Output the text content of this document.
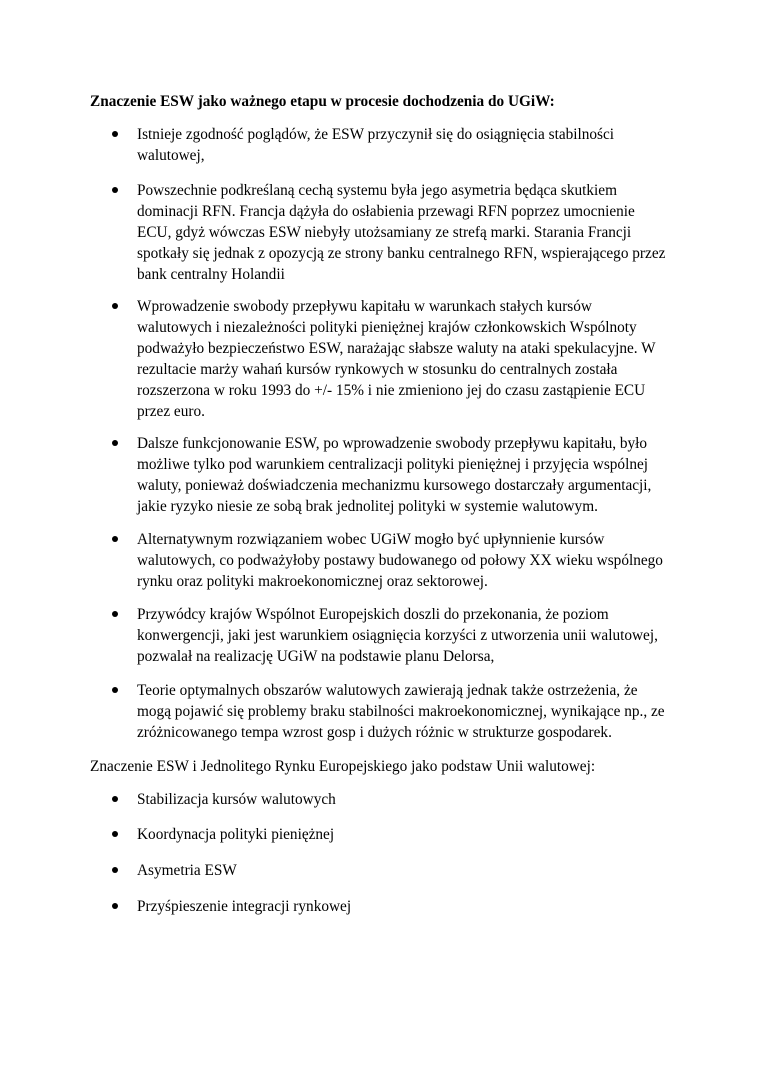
Znaczenie ESW jako ważnego etapu w procesie dochodzenia do UGiW:
Istnieje zgodność poglądów, że ESW przyczynił się do osiągnięcia stabilności
walutowej,
Powszechnie podkreślaną cechą systemu była jego asymetria będąca skutkiem
dominacji RFN. Francja dążyła do osłabienia przewagi RFN poprzez umocnienie
ECU, gdyż wówczas ESW niebyły utożsamiany ze strefą marki. Starania Francji
spotkały się jednak z opozycją ze strony banku centralnego RFN, wspierającego przez
bank centralny Holandii
Wprowadzenie swobody przepływu kapitału w warunkach stałych kursów
walutowych i niezależności polityki pieniężnej krajów członkowskich Wspólnoty
podważyło bezpieczeństwo ESW, narażając słabsze waluty na ataki spekulacyjne. W
rezultacie marży wahań kursów rynkowych w stosunku do centralnych została
rozszerzona w roku 1993 do +/- 15% i nie zmieniono jej do czasu zastąpienie ECU
przez euro.
Dalsze funkcjonowanie ESW, po wprowadzenie swobody przepływu kapitału, było
możliwe tylko pod warunkiem centralizacji polityki pieniężnej i przyjęcia wspólnej
waluty, ponieważ doświadczenia mechanizmu kursowego dostarczały argumentacji,
jakie ryzyko niesie ze sobą brak jednolitej polityki w systemie walutowym.
Alternatywnym rozwiązaniem wobec UGiW mogło być upłynnienie kursów
walutowych, co podważyłoby postawy budowanego od połowy XX wieku wspólnego
rynku oraz polityki makroekonomicznej oraz sektorowej.
Przywódcy krajów Wspólnot Europejskich doszli do przekonania, że poziom
konwergencji, jaki jest warunkiem osiągnięcia korzyści z utworzenia unii walutowej,
pozwalał na realizację UGiW na podstawie planu Delorsa,
Teorie optymalnych obszarów walutowych zawierają jednak także ostrzeżenia, że
mogą pojawić się problemy braku stabilności makroekonomicznej, wynikające np., ze
zróżnicowanego tempa wzrost gosp i dużych różnic w strukturze gospodarek.
Znaczenie ESW i Jednolitego Rynku Europejskiego jako podstaw Unii walutowej:
Stabilizacja kursów walutowych
Koordynacja polityki pieniężnej
Asymetria ESW
Przyśpieszenie integracji rynkowej
